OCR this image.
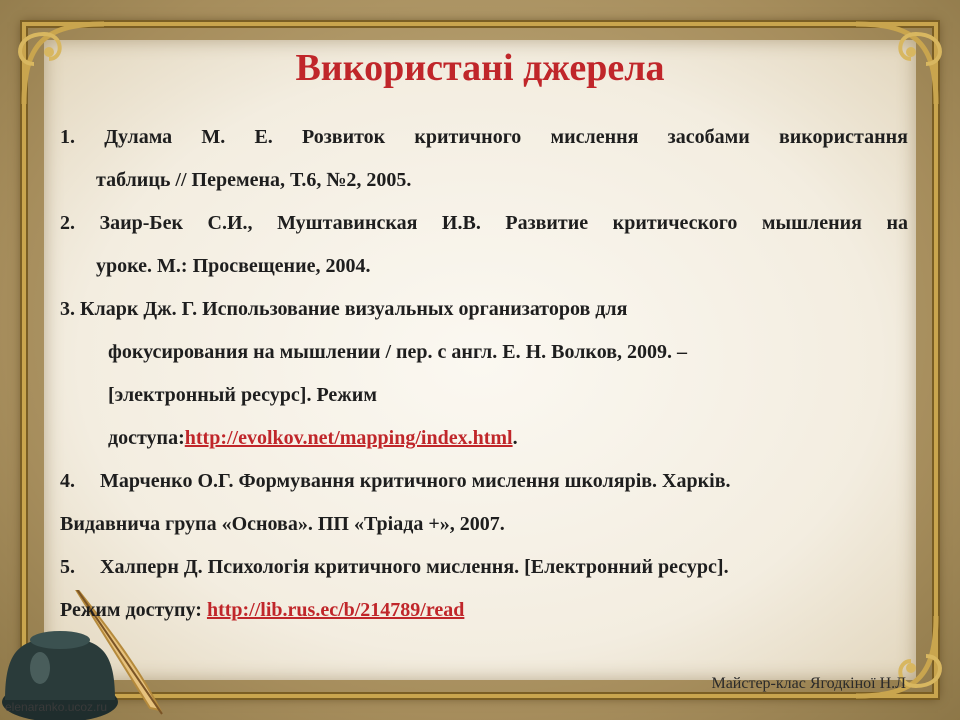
Використані джерела

1. Дулама М. Е. Розвиток критичного мислення засобами використання

таблиць // Перемена, Т.6, №2, 2005.

2. Заир-Бек С.И., Муштавинская И.В. Развитие критического мышления на

уроке. М.: Просвещение, 2004.

3. Кларк Дж. Г. Использование визуальных организаторов для

фокусирования на мышлении / пер. с англ. Е. Н. Волков, 2009. –

[электронный ресурс]. Режим

доступа:http://evolkov.net/mapping/index.html.

4.     Марченко О.Г. Формування критичного мислення школярів. Харків.

Видавнича група «Основа». ПП «Тріада +», 2007.

5.     Халперн Д. Психологія критичного мислення. [Електронний ресурс].

Режим доступу: http://lib.rus.ec/b/214789/read

Майстер-клас Ягодкіної Н.Л
elenaranko.ucoz.ru
